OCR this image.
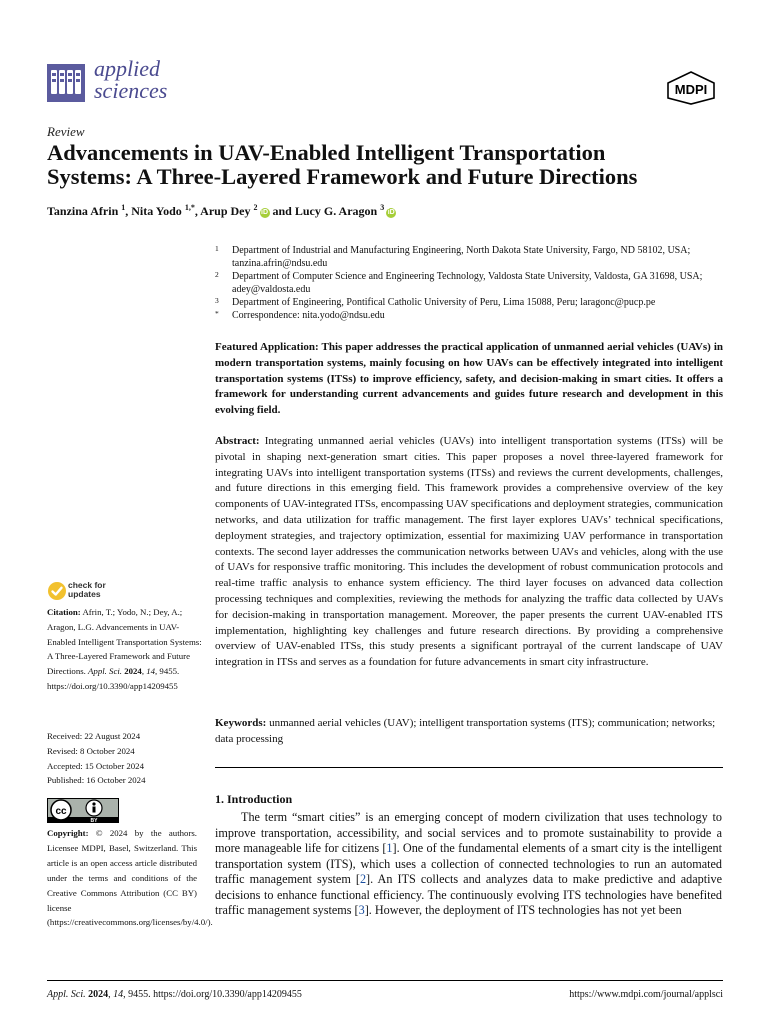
applied
sciences	MDPI
Review
Advancements in UAV-Enabled Intelligent Transportation
Systems: A Three-Layered Framework and Future Directions
Tanzina Afrin $^1$, Nita Yodo $^{1,*}$, Arup Dey $^2$iD and Lucy G. Aragon $^3$iD
1 Department of Industrial and Manufacturing Engineering, North Dakota State University, Fargo, ND 58102, USA; tanzina.afrin@ndsu.edu
2 Department of Computer Science and Engineering Technology, Valdosta State University, Valdosta, GA 31698, USA; adey@valdosta.edu
3 Department of Engineering, Pontifical Catholic University of Peru, Lima 15088, Peru; laragonc@pucp.pe
* Correspondence: nita.yodo@ndsu.edu
Featured Application: This paper addresses the practical application of unmanned aerial vehicles (UAVs) in modern transportation systems, mainly focusing on how UAVs can be effectively integrated into intelligent transportation systems (ITSs) to improve efficiency, safety, and decision-making in smart cities. It offers a framework for understanding current advancements and guides future research and development in this evolving field.
Abstract: Integrating unmanned aerial vehicles (UAVs) into intelligent transportation systems (ITSs) will be pivotal in shaping next-generation smart cities. This paper proposes a novel three-layered framework for integrating UAVs into intelligent transportation systems (ITSs) and reviews the current developments, challenges, and future directions in this emerging field. This framework provides a comprehensive overview of the key components of UAV-integrated ITSs, encompassing UAV specifications and deployment strategies, communication networks, and data utilization for traffic management. The first layer explores UAVs’ technical specifications, deployment strategies, and trajectory optimization, essential for maximizing UAV performance in transportation contexts. The second layer addresses the communication networks between UAVs and vehicles, along with the use of UAVs for responsive traffic monitoring. This includes the development of robust communication protocols and real-time traffic analysis to enhance system efficiency. The third layer focuses on advanced data collection processing techniques and complexities, reviewing the methods for analyzing the traffic data collected by UAVs for decision-making in transportation management. Moreover, the paper presents the current UAV-enabled ITS implementation, highlighting key challenges and future research directions. By providing a comprehensive overview of UAV-enabled ITSs, this study presents a significant portrayal of the current landscape of UAV integration in ITSs and serves as a foundation for future advancements in smart city infrastructure.
Keywords: unmanned aerial vehicles (UAV); intelligent transportation systems (ITS); communication; networks; data processing
1. Introduction
The term “smart cities” is an emerging concept of modern civilization that uses technology to improve transportation, accessibility, and social services and to promote sustainability to provide a more manageable life for citizens [1]. One of the fundamental elements of a smart city is the intelligent transportation system (ITS), which uses a collection of connected technologies to run an automated traffic management system [2]. An ITS collects and analyzes data to make predictive and adaptive decisions to enhance functional efficiency. The continuously evolving ITS technologies have benefited traffic management systems [3]. However, the deployment of ITS technologies has not yet been
check for
updates
Citation: Afrin, T.; Yodo, N.; Dey, A.; Aragon, L.G. Advancements in UAV-Enabled Intelligent Transportation Systems: A Three-Layered Framework and Future Directions. Appl. Sci. 2024, 14, 9455. https://doi.org/10.3390/app14209455
Received: 22 August 2024
Revised: 8 October 2024
Accepted: 15 October 2024
Published: 16 October 2024
cc
BY
Copyright: © 2024 by the authors. Licensee MDPI, Basel, Switzerland. This article is an open access article distributed under the terms and conditions of the Creative Commons Attribution (CC BY) license (https://creativecommons.org/licenses/by/4.0/).
Appl. Sci. 2024, 14, 9455. https://doi.org/10.3390/app14209455	https://www.mdpi.com/journal/applsci
